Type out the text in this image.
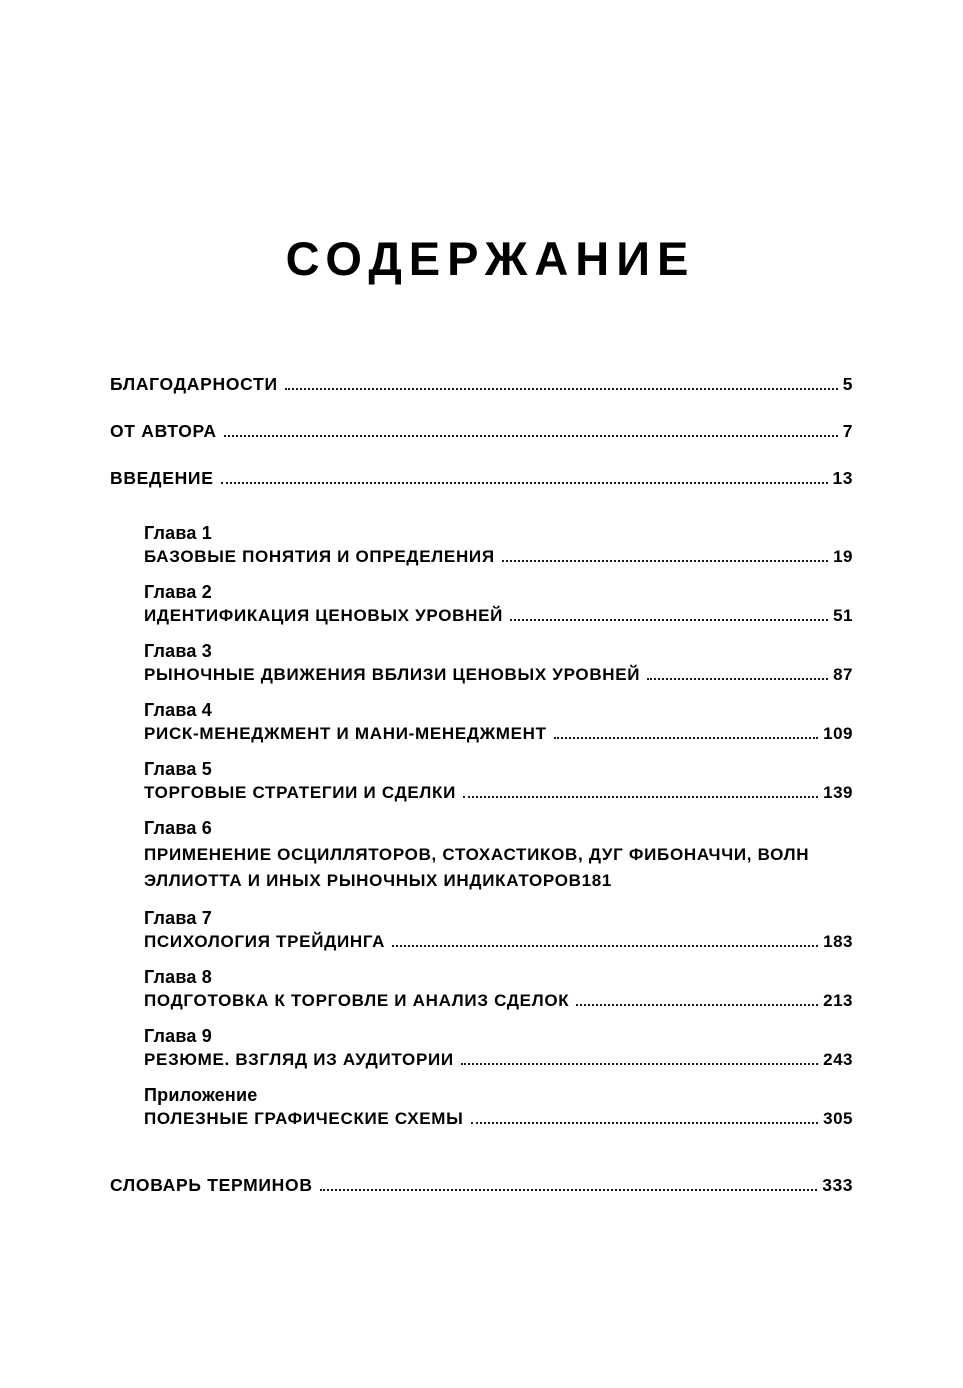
СОДЕРЖАНИЕ
БЛАГОДАРНОСТИ	5
ОТ АВТОРА	7
ВВЕДЕНИЕ	13
Глава 1
БАЗОВЫЕ ПОНЯТИЯ И ОПРЕДЕЛЕНИЯ	19
Глава 2
ИДЕНТИФИКАЦИЯ ЦЕНОВЫХ УРОВНЕЙ	51
Глава 3
РЫНОЧНЫЕ ДВИЖЕНИЯ ВБЛИЗИ ЦЕНОВЫХ УРОВНЕЙ	87
Глава 4
РИСК-МЕНЕДЖМЕНТ И МАНИ-МЕНЕДЖМЕНТ	109
Глава 5
ТОРГОВЫЕ СТРАТЕГИИ И СДЕЛКИ	139
Глава 6
ПРИМЕНЕНИЕ ОСЦИЛЛЯТОРОВ, СТОХАСТИКОВ, ДУГ ФИБОНАЧЧИ, ВОЛН
ЭЛЛИОТТА И ИНЫХ РЫНОЧНЫХ ИНДИКАТОРОВ 181
Глава 7
ПСИХОЛОГИЯ ТРЕЙДИНГА	183
Глава 8
ПОДГОТОВКА К ТОРГОВЛЕ И АНАЛИЗ СДЕЛОК	213
Глава 9
РЕЗЮМЕ. ВЗГЛЯД ИЗ АУДИТОРИИ	243
Приложение
ПОЛЕЗНЫЕ ГРАФИЧЕСКИЕ СХЕМЫ	305
СЛОВАРЬ ТЕРМИНОВ	333
